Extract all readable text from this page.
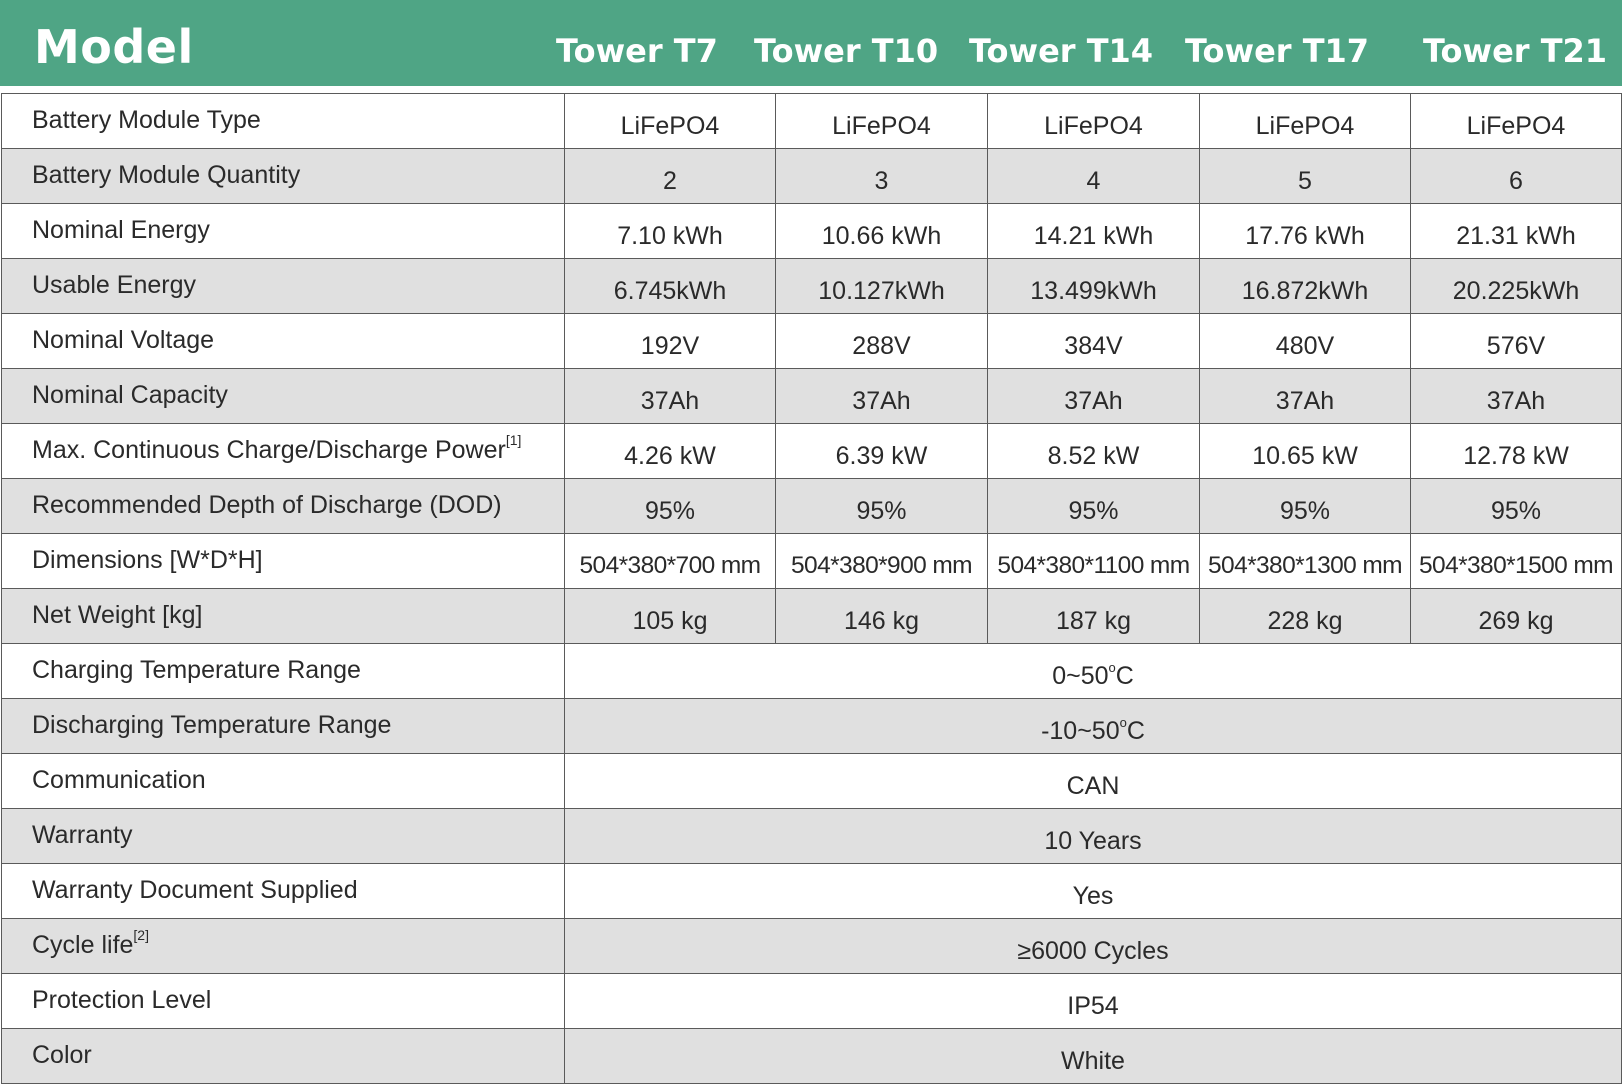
Model	Tower T7 Tower T10 Tower T14 Tower T17 Tower T21
Battery Module Type	LiFePO4	LiFePO4	LiFePO4	LiFePO4	LiFePO4
Battery Module Quantity	2	3	4	5	6
Nominal Energy	7.10 kWh	10.66 kWh	14.21 kWh	17.76 kWh	21.31 kWh
Usable Energy	6.745kWh	10.127kWh	13.499kWh	16.872kWh	20.225kWh
Nominal Voltage	192V	288V	384V	480V	576V
Nominal Capacity	37Ah	37Ah	37Ah	37Ah	37Ah
Max. Continuous Charge/Discharge Power[1]	4.26 kW	6.39 kW	8.52 kW	10.65 kW	12.78 kW
Recommended Depth of Discharge (DOD)	95%	95%	95%	95%	95%
Dimensions [W*D*H]	504*380*700 mm	504*380*900 mm	504*380*1100 mm	504*380*1300 mm	504*380*1500 mm
Net Weight [kg]	105 kg	146 kg	187 kg	228 kg	269 kg
Charging Temperature Range	0~50$^o$C				
Discharging Temperature Range	-10~50$^o$C				
Communication	CAN				
Warranty	10 Years				
Warranty Document Supplied	Yes				
Cycle life[2]	≥6000 Cycles				
Protection Level	IP54				
Color	White				
